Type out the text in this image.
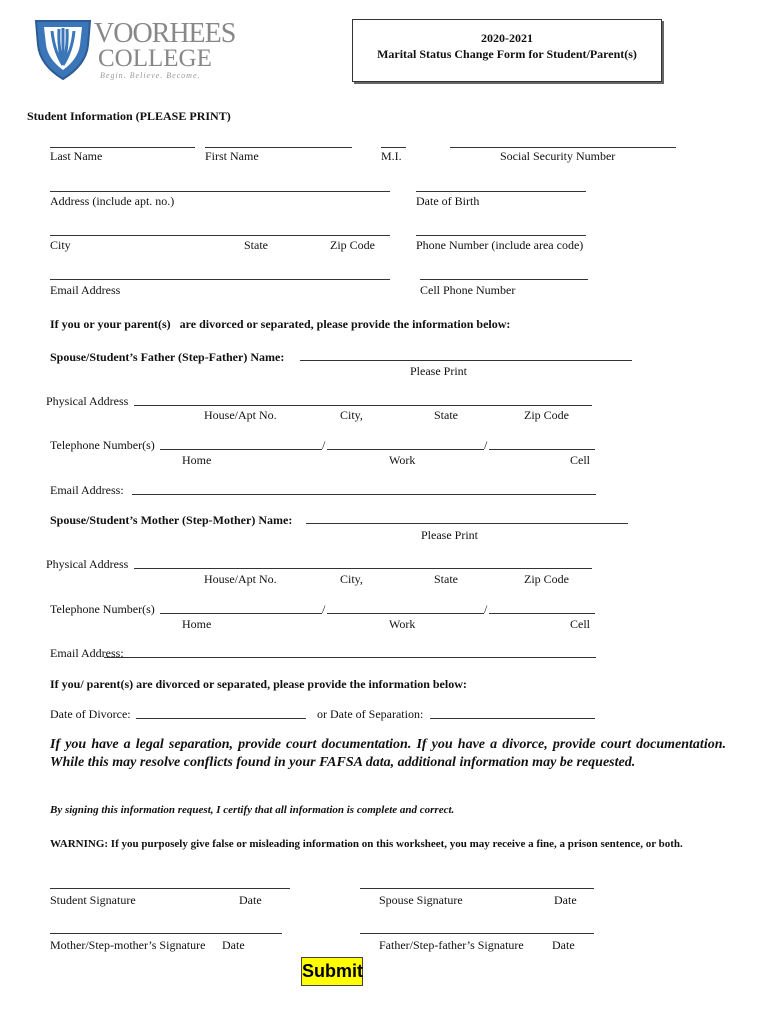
VOORHEES
COLLEGE
Begin. Believe. Become.
2020-2021
Marital Status Change Form for Student/Parent(s)
Student Information (PLEASE PRINT)
Last Name	First Name	M.I.	Social Security Number
Address (include apt. no.)	Date of Birth
City	State	Zip Code	Phone Number (include area code)
Email Address	Cell Phone Number
If you or your parent(s)   are divorced or separated, please provide the information below:
Spouse/Student’s Father (Step-Father) Name:
Please Print
Physical Address
House/Apt No.	City,	State	Zip Code
Telephone Number(s)	/	/
Home	Work	Cell
Email Address:
Spouse/Student’s Mother (Step-Mother) Name:
Please Print
Physical Address
House/Apt No.	City,	State	Zip Code
Telephone Number(s)	/	/
Home	Work	Cell
Email Address:
If you/ parent(s) are divorced or separated, please provide the information below:
Date of Divorce:	or Date of Separation:
If you have a legal separation, provide court documentation. If you have a divorce, provide court documentation. While this may resolve conflicts found in your FAFSA data, additional information may be requested.
By signing this information request, I certify that all information is complete and correct.
WARNING: If you purposely give false or misleading information on this worksheet, you may receive a fine, a prison sentence, or both.
Student Signature	Date	Spouse Signature	Date
Mother/Step-mother’s Signature Date	Father/Step-father’s Signature Date
Submit
